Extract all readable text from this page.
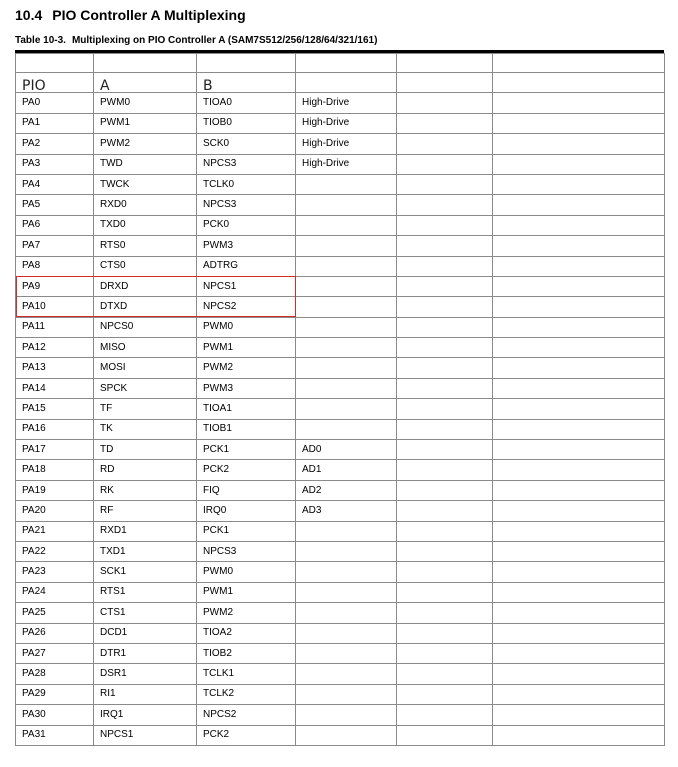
10.4 PIO Controller A Multiplexing

Table 10-3. Multiplexing on PIO Controller A (SAM7S512/256/128/64/321/161)

PIO	A	B			
PA0	PWM0	TIOA0	High-Drive		
PA1	PWM1	TIOB0	High-Drive		
PA2	PWM2	SCK0	High-Drive		
PA3	TWD	NPCS3	High-Drive		
PA4	TWCK	TCLK0			
PA5	RXD0	NPCS3			
PA6	TXD0	PCK0			
PA7	RTS0	PWM3			
PA8	CTS0	ADTRG			
PA9	DRXD	NPCS1			
PA10	DTXD	NPCS2			
PA11	NPCS0	PWM0			
PA12	MISO	PWM1			
PA13	MOSI	PWM2			
PA14	SPCK	PWM3			
PA15	TF	TIOA1			
PA16	TK	TIOB1			
PA17	TD	PCK1	AD0		
PA18	RD	PCK2	AD1		
PA19	RK	FIQ	AD2		
PA20	RF	IRQ0	AD3		
PA21	RXD1	PCK1			
PA22	TXD1	NPCS3			
PA23	SCK1	PWM0			
PA24	RTS1	PWM1			
PA25	CTS1	PWM2			
PA26	DCD1	TIOA2			
PA27	DTR1	TIOB2			
PA28	DSR1	TCLK1			
PA29	RI1	TCLK2			
PA30	IRQ1	NPCS2			
PA31	NPCS1	PCK2			
